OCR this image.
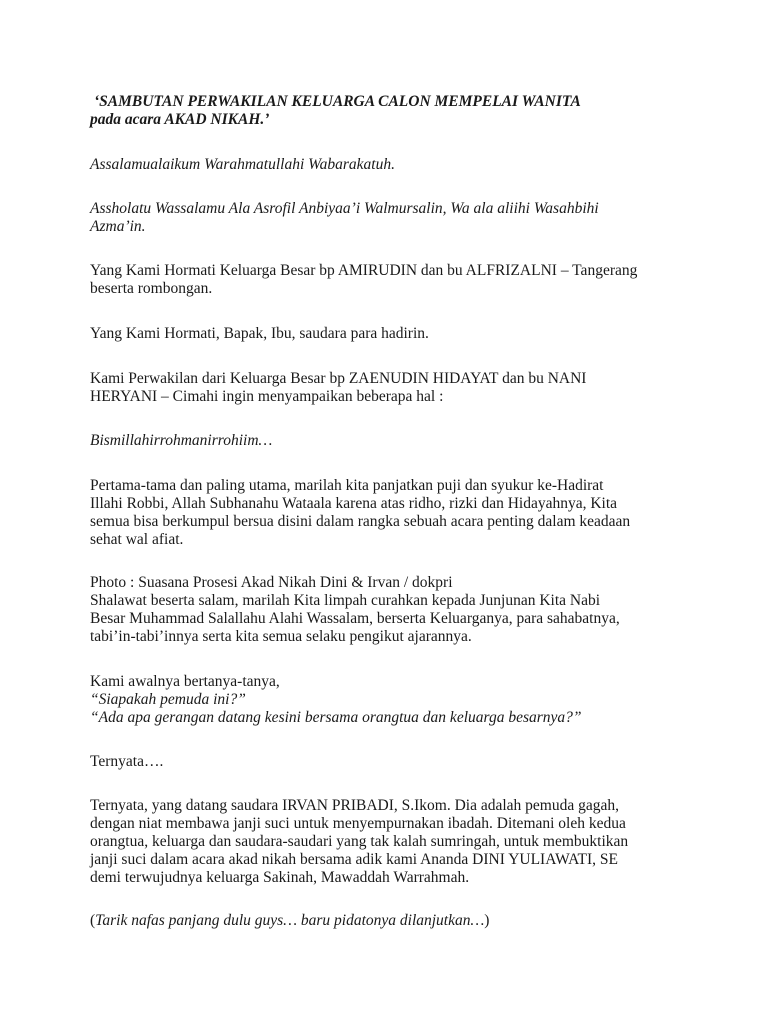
‘SAMBUTAN PERWAKILAN KELUARGA CALON MEMPELAI WANITA
pada acara AKAD NIKAH.’

Assalamualaikum Warahmatullahi Wabarakatuh.

Assholatu Wassalamu Ala Asrofil Anbiyaa’i Walmursalin, Wa ala aliihi Wasahbihi
Azma’in.

Yang Kami Hormati Keluarga Besar bp AMIRUDIN dan bu ALFRIZALNI – Tangerang
beserta rombongan.

Yang Kami Hormati, Bapak, Ibu, saudara para hadirin.

Kami Perwakilan dari Keluarga Besar bp ZAENUDIN HIDAYAT dan bu NANI
HERYANI – Cimahi ingin menyampaikan beberapa hal :

Bismillahirrohmanirrohiim…

Pertama-tama dan paling utama, marilah kita panjatkan puji dan syukur ke-Hadirat
Illahi Robbi, Allah Subhanahu Wataala karena atas ridho, rizki dan Hidayahnya, Kita
semua bisa berkumpul bersua disini dalam rangka sebuah acara penting dalam keadaan
sehat wal afiat.

Photo : Suasana Prosesi Akad Nikah Dini & Irvan / dokpri
Shalawat beserta salam, marilah Kita limpah curahkan kepada Junjunan Kita Nabi
Besar Muhammad Salallahu Alahi Wassalam, berserta Keluarganya, para sahabatnya,
tabi’in-tabi’innya serta kita semua selaku pengikut ajarannya.

Kami awalnya bertanya-tanya,
“Siapakah pemuda ini?”
“Ada apa gerangan datang kesini bersama orangtua dan keluarga besarnya?”

Ternyata….

Ternyata, yang datang saudara IRVAN PRIBADI, S.Ikom. Dia adalah pemuda gagah,
dengan niat membawa janji suci untuk menyempurnakan ibadah. Ditemani oleh kedua
orangtua, keluarga dan saudara-saudari yang tak kalah sumringah, untuk membuktikan
janji suci dalam acara akad nikah bersama adik kami Ananda DINI YULIAWATI, SE
demi terwujudnya keluarga Sakinah, Mawaddah Warrahmah.

(Tarik nafas panjang dulu guys… baru pidatonya dilanjutkan…)
